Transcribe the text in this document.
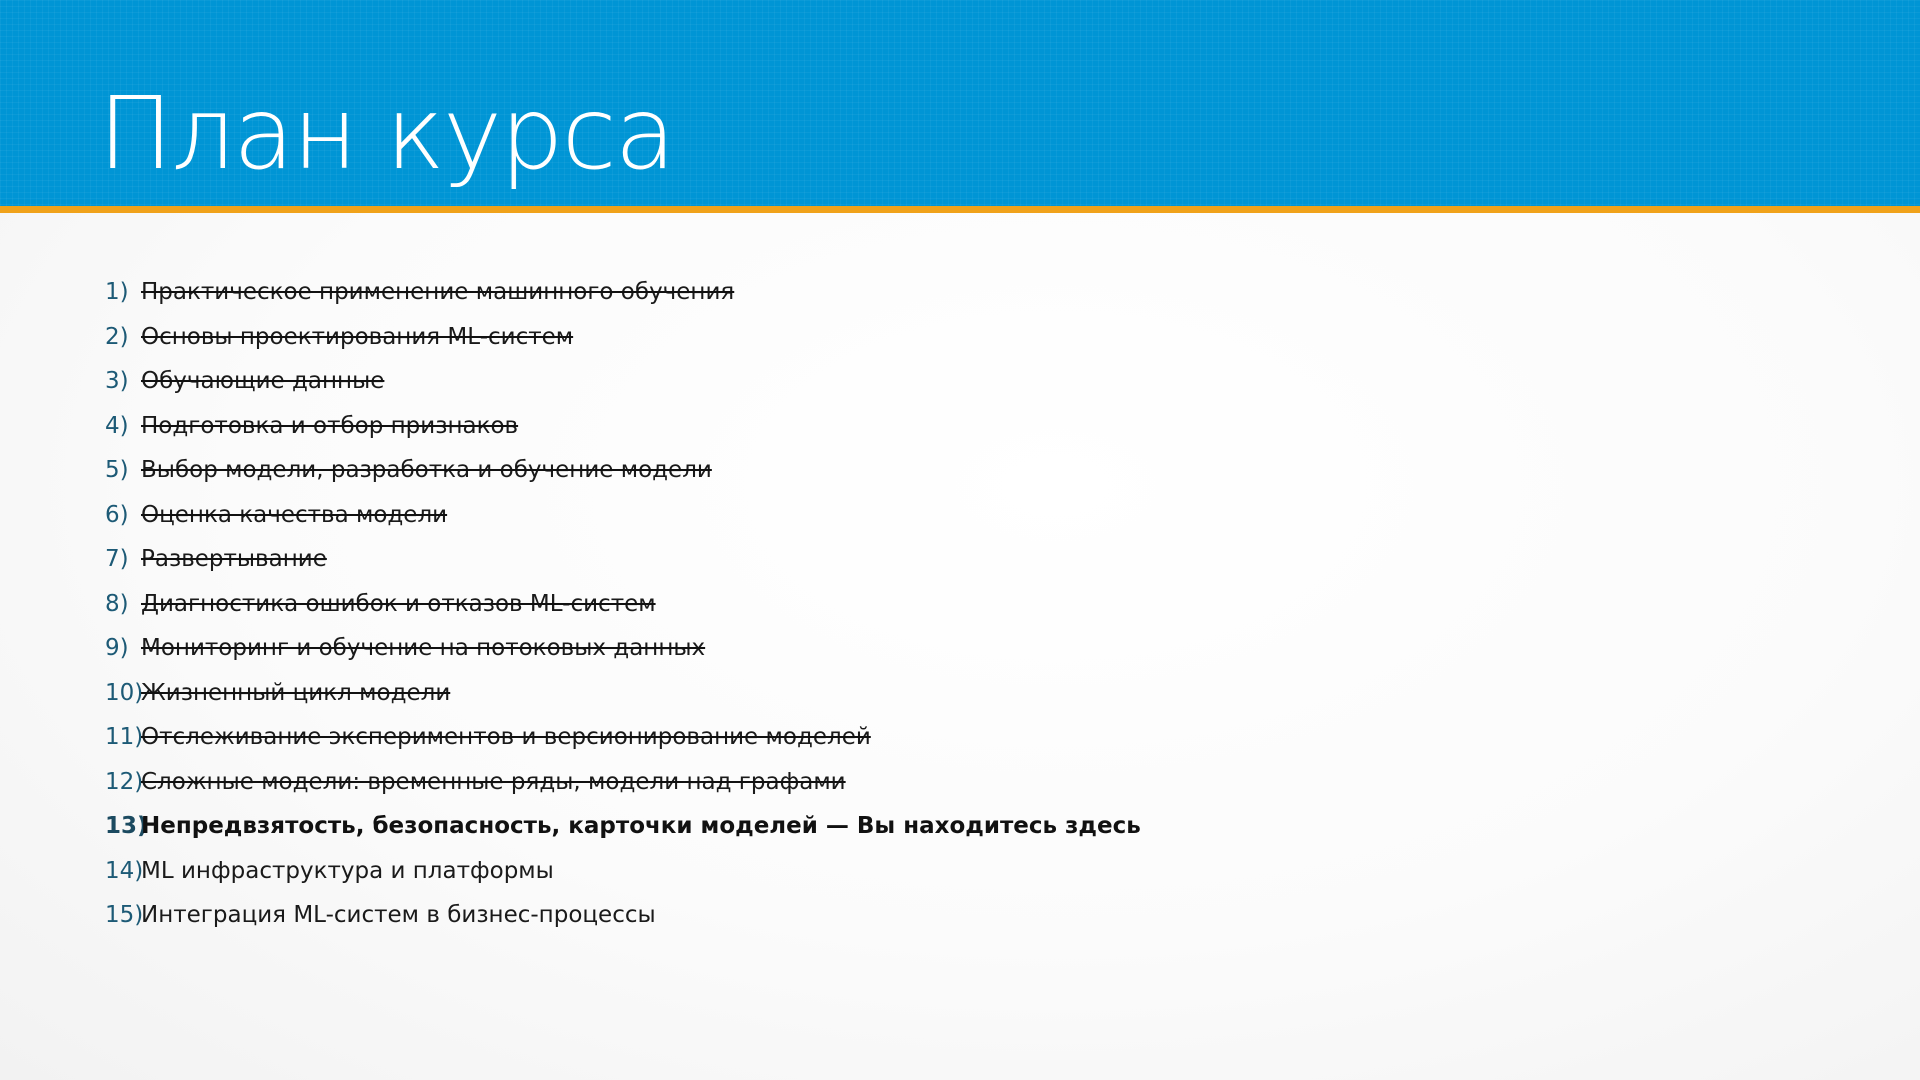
План курса
1) Практическое применение машинного обучения
2) Основы проектирования ML-систем
3) Обучающие данные
4) Подготовка и отбор признаков
5) Выбор модели, разработка и обучение модели
6) Оценка качества модели
7) Развертывание
8) Диагностика ошибок и отказов ML-систем
9) Мониторинг и обучение на потоковых данных
10)Жизненный цикл модели
11)Отслеживание экспериментов и версионирование моделей
12)Сложные модели: временные ряды, модели над графами
13)Непредвзятость, безопасность, карточки моделей — Вы находитесь здесь
14)ML инфраструктура и платформы
15)Интеграция ML-систем в бизнес-процессы
